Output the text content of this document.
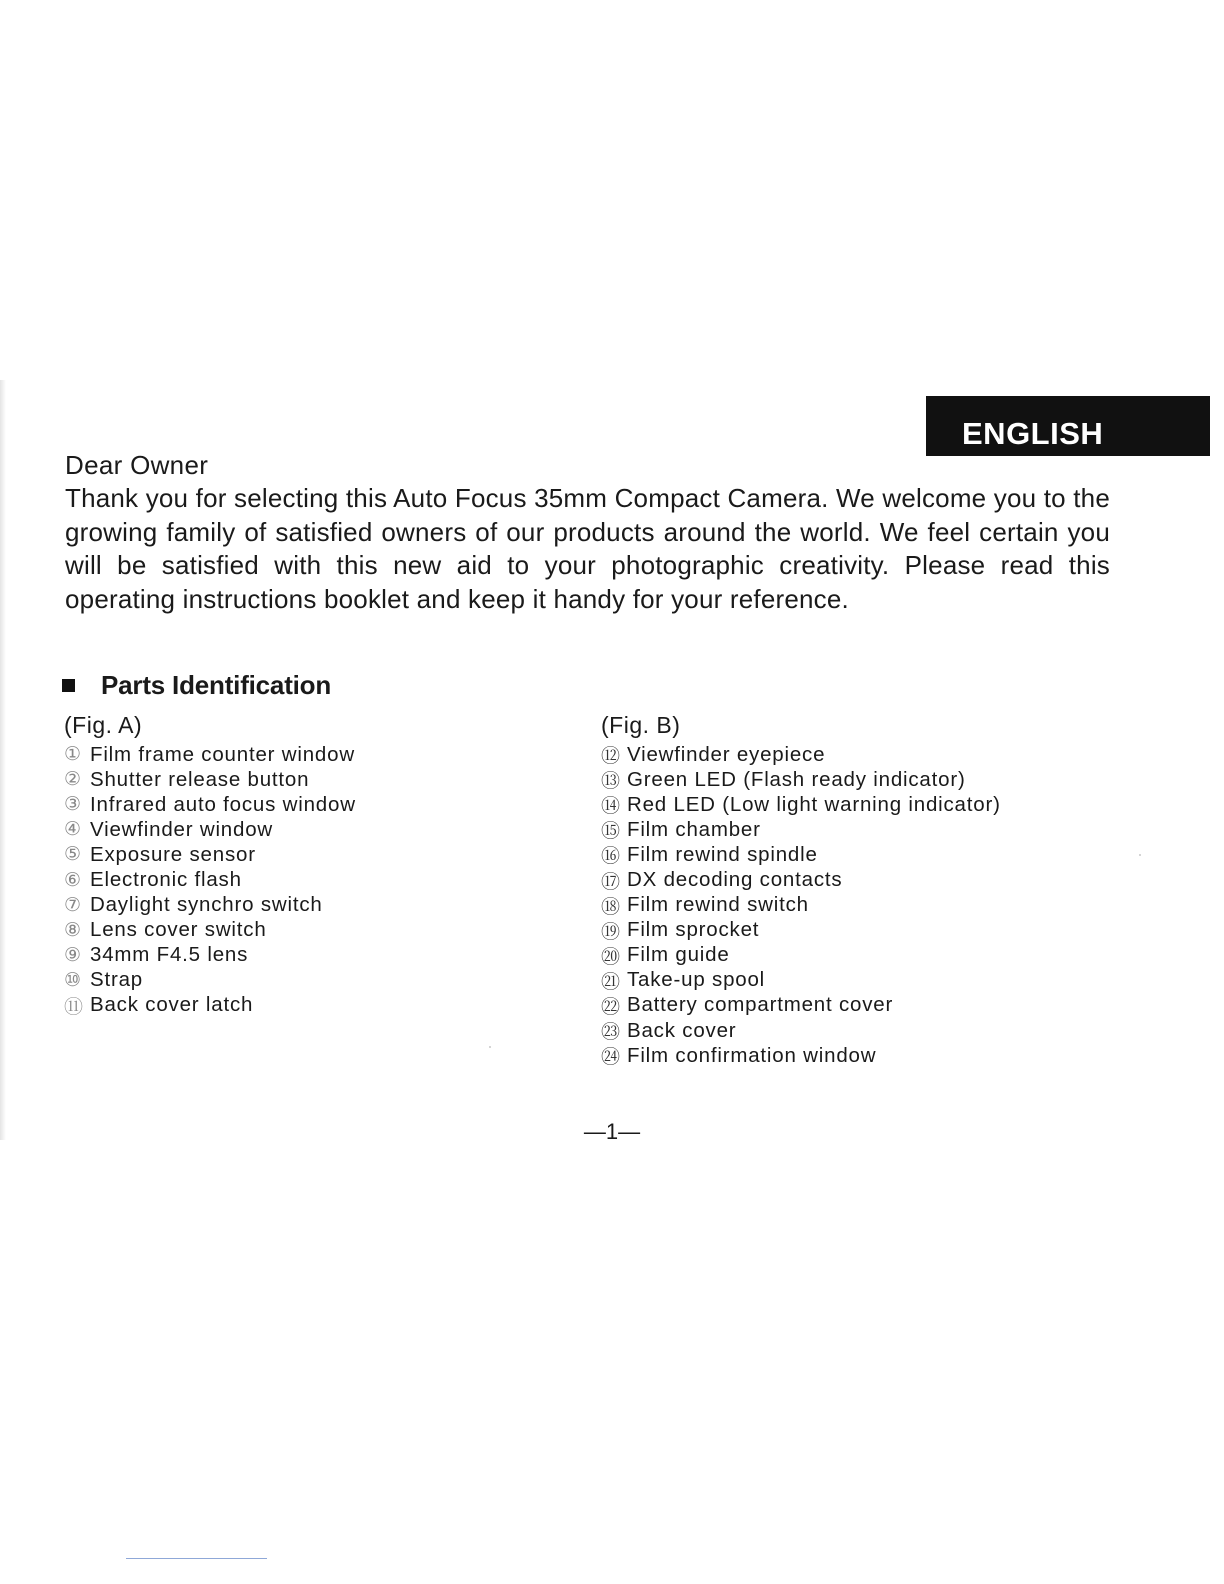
ENGLISH
Dear Owner
Thank you for selecting this Auto Focus 35mm Compact Camera. We welcome you to the growing family of satisfied owners of our products around the world. We feel certain you will be satisfied with this new aid to your photographic creativity. Please read this operating instructions booklet and keep it handy for your reference.
Parts Identification
(Fig. A)
① Film frame counter window
② Shutter release button
③ Infrared auto focus window
④ Viewfinder window
⑤ Exposure sensor
⑥ Electronic flash
⑦ Daylight synchro switch
⑧ Lens cover switch
⑨ 34mm F4.5 lens
⑩ Strap
⑪ Back cover latch
(Fig. B)
⑫ Viewfinder eyepiece
⑬ Green LED (Flash ready indicator)
⑭ Red LED (Low light warning indicator)
⑮ Film chamber
⑯ Film rewind spindle
⑰ DX decoding contacts
⑱ Film rewind switch
⑲ Film sprocket
⑳ Film guide
㉑ Take-up spool
㉒ Battery compartment cover
㉓ Back cover
㉔ Film confirmation window
—1—
